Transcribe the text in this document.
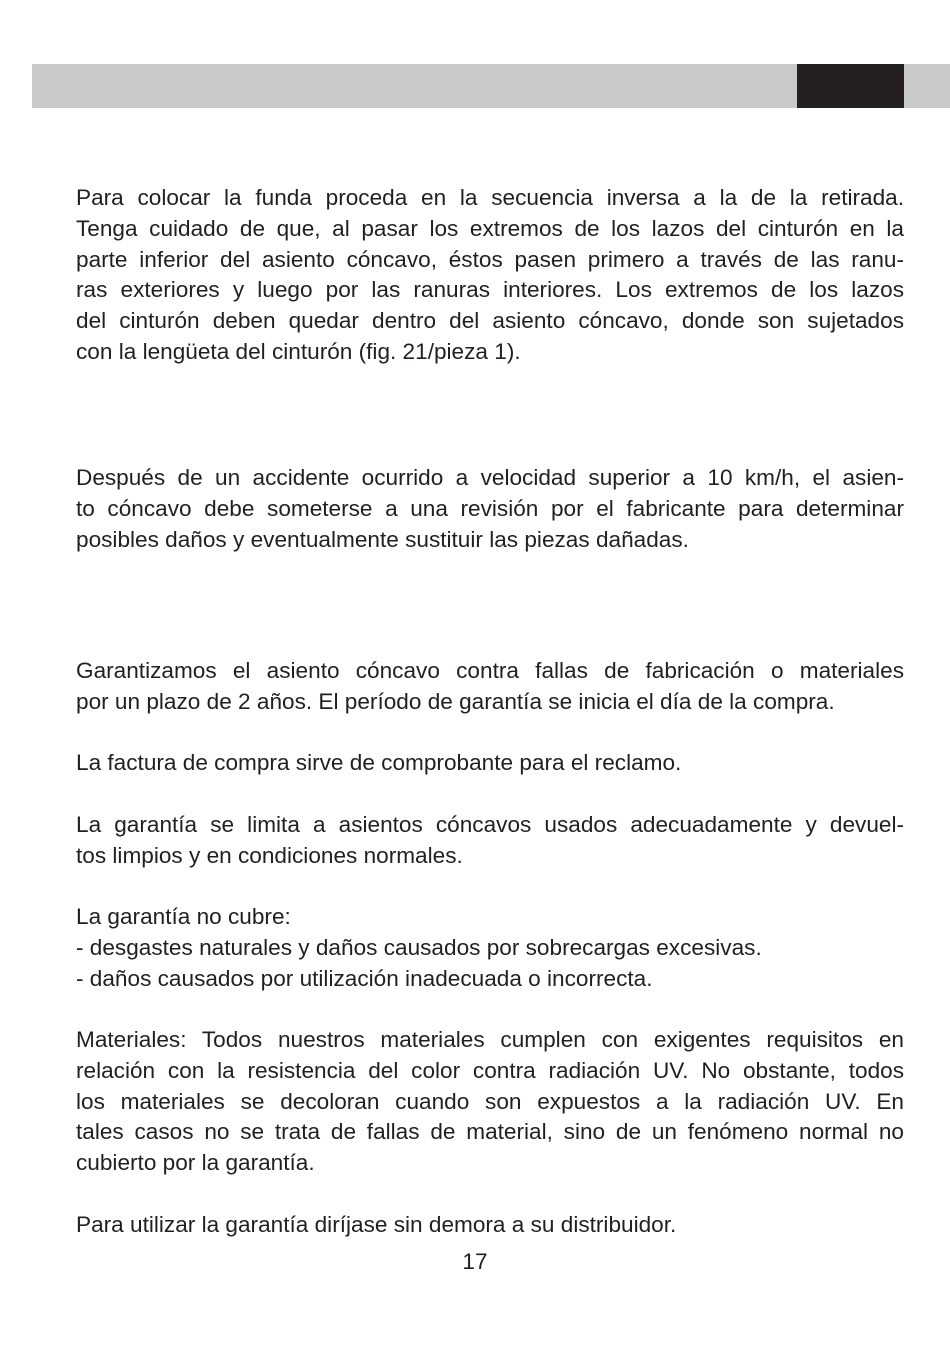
Para colocar la funda proceda en la secuencia inversa a la de la retirada.
Tenga cuidado de que, al pasar los extremos de los lazos del cinturón en la
parte inferior del asiento cóncavo, éstos pasen primero a través de las ranu-
ras exteriores y luego por las ranuras interiores. Los extremos de los lazos
del cinturón deben quedar dentro del asiento cóncavo, donde son sujetados
con la lengüeta del cinturón (fig. 21/pieza 1).
Después de un accidente ocurrido a velocidad superior a 10 km/h, el asien-
to cóncavo debe someterse a una revisión por el fabricante para determinar
posibles daños y eventualmente sustituir las piezas dañadas.
Garantizamos el asiento cóncavo contra fallas de fabricación o materiales
por un plazo de 2 años. El período de garantía se inicia el día de la compra.
La factura de compra sirve de comprobante para el reclamo.
La garantía se limita a asientos cóncavos usados adecuadamente y devuel-
tos limpios y en condiciones normales.
La garantía no cubre:
- desgastes naturales y daños causados por sobrecargas excesivas.
- daños causados por utilización inadecuada o incorrecta.
Materiales: Todos nuestros materiales cumplen con exigentes requisitos en
relación con la resistencia del color contra radiación UV. No obstante, todos
los materiales se decoloran cuando son expuestos a la radiación UV. En
tales casos no se trata de fallas de material, sino de un fenómeno normal no
cubierto por la garantía.
Para utilizar la garantía diríjase sin demora a su distribuidor.

17
